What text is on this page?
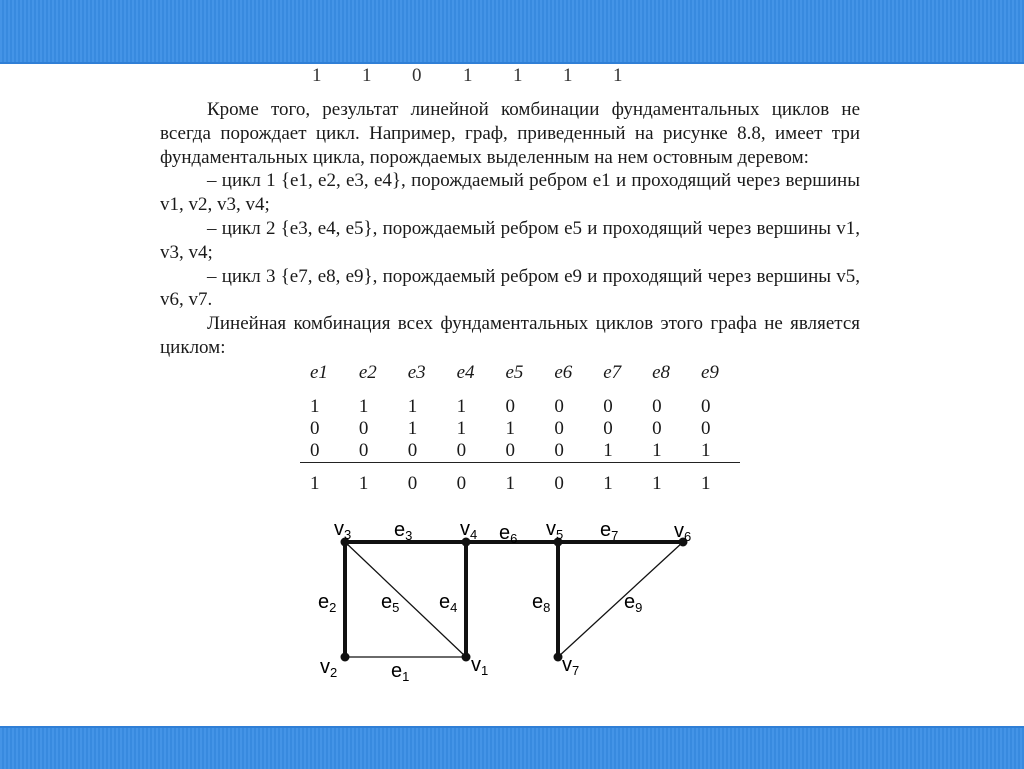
1 1 0 1 1 1 1

Кроме того, результат линейной комбинации фундаментальных циклов не всегда порождает цикл. Например, граф, приведенный на рисунке 8.8, имеет три фундаментальных цикла, порождаемых выделенным на нем остовным деревом:

– цикл 1 {e1, e2, e3, e4}, порождаемый ребром e1 и проходящий через вершины v1, v2, v3, v4;

– цикл 2 {e3, e4, e5}, порождаемый ребром e5 и проходящий через вершины v1, v3, v4;

– цикл 3 {e7, e8, e9}, порождаемый ребром e9 и проходящий через вершины v5, v6, v7.

Линейная комбинация всех фундаментальных циклов этого графа не является циклом:

e1	e2	e3	e4	e5	e6	e7	e8	e9

1	1	1	1	0	0	0	0	0
0	0	1	1	1	0	0	0	0
0	0	0	0	0	0	1	1	1
1	1	0	0	1	0	1	1	1
$v_3$	$v_4$	$v_5$	$v_6$
$v_2$	$v_1$	$v_7$
$e_3$	$e_6$	$e_7$
$e_2$ $e_5$ $e_4$	$e_8$	$e_9$
$e_1$
